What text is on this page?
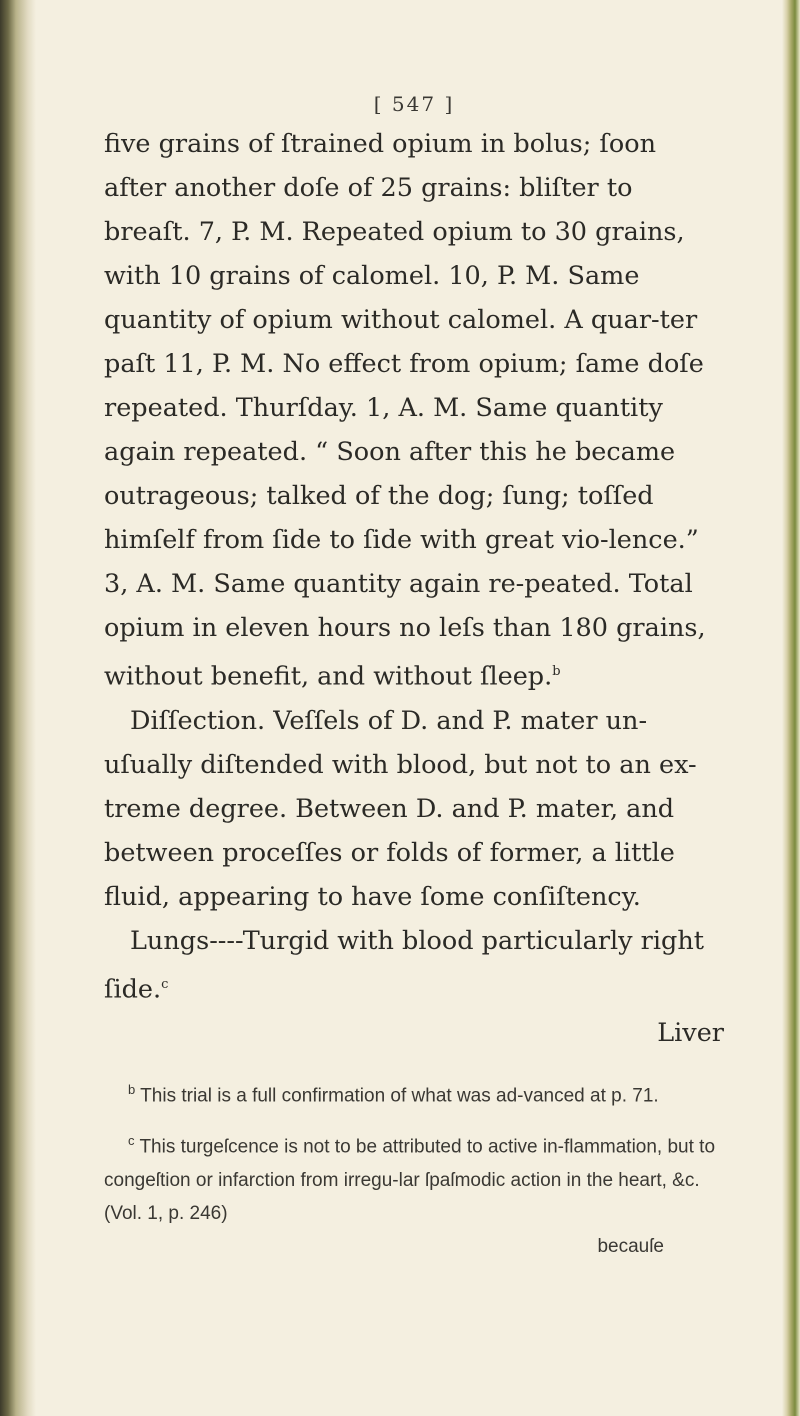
[ 547 ]

five grains of ſtrained opium in bolus; ſoon after another doſe of 25 grains: bliſter to breaſt. 7, P. M. Repeated opium to 30 grains, with 10 grains of calomel. 10, P. M. Same quantity of opium without calomel. A quar-ter paſt 11, P. M. No effect from opium; ſame doſe repeated. Thurſday. 1, A. M. Same quantity again repeated. “ Soon after this he became outrageous; talked of the dog; ſung; toſſed himſelf from ſide to ſide with great vio-lence.” 3, A. M. Same quantity again re-peated. Total opium in eleven hours no leſs than 180 grains, without benefit, and without ſleep.$^b$

Diſſection. Veſſels of D. and P. mater un-uſually diſtended with blood, but not to an ex-treme degree. Between D. and P. mater, and between proceſſes or folds of former, a little fluid, appearing to have ſome conſiſtency.

Lungs----Turgid with blood particularly right ſide.$^c$

Liver

$^b$ This trial is a full confirmation of what was ad-vanced at p. 71.

$^c$ This turgeſcence is not to be attributed to active in-flammation, but to congeſtion or infarction from irregu-lar ſpaſmodic action in the heart, &c. (Vol. 1, p. 246)

becauſe
